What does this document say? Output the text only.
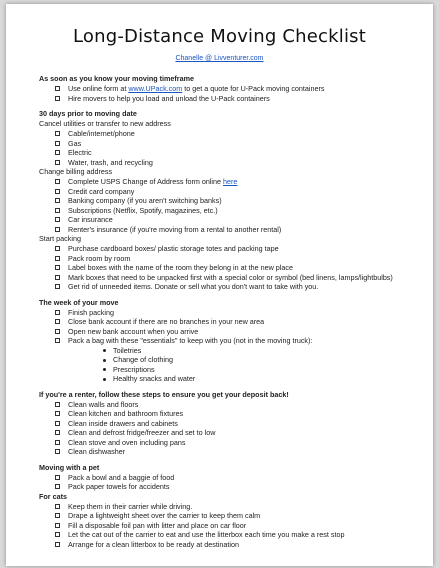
Long-Distance Moving Checklist
Chanelle @ Livventurer.com
As soon as you know your moving timeframe
Use online form at www.UPack.com to get a quote for U-Pack moving containers
Hire movers to help you load and unload the U-Pack containers
30 days prior to moving date
Cancel utilities or transfer to new address
Cable/internet/phone
Gas
Electric
Water, trash, and recycling
Change billing address
Complete USPS Change of Address form online here
Credit card company
Banking company (if you aren't switching banks)
Subscriptions (Netflix, Spotify, magazines, etc.)
Car insurance
Renter's insurance (if you're moving from a rental to another rental)
Start packing
Purchase cardboard boxes/ plastic storage totes and packing tape
Pack room by room
Label boxes with the name of the room they belong in at the new place
Mark boxes that need to be unpacked first with a special color or symbol (bed linens, lamps/lightbulbs)
Get rid of unneeded items. Donate or sell what you don't want to take with you.
The week of your move
Finish packing
Close bank account if there are no branches in your new area
Open new bank account when you arrive
Pack a bag with these "essentials" to keep with you (not in the moving truck):
Toiletries
Change of clothing
Prescriptions
Healthy snacks and water
If you're a renter, follow these steps to ensure you get your deposit back!
Clean walls and floors
Clean kitchen and bathroom fixtures
Clean inside drawers and cabinets
Clean and defrost fridge/freezer and set to low
Clean stove and oven including pans
Clean dishwasher
Moving with a pet
Pack a bowl and a baggie of food
Pack paper towels for accidents
For cats
Keep them in their carrier while driving.
Drape a lightweight sheet over the carrier to keep them calm
Fill a disposable foil pan with litter and place on car floor
Let the cat out of the carrier to eat and use the litterbox each time you make a rest stop
Arrange for a clean litterbox to be ready at destination
